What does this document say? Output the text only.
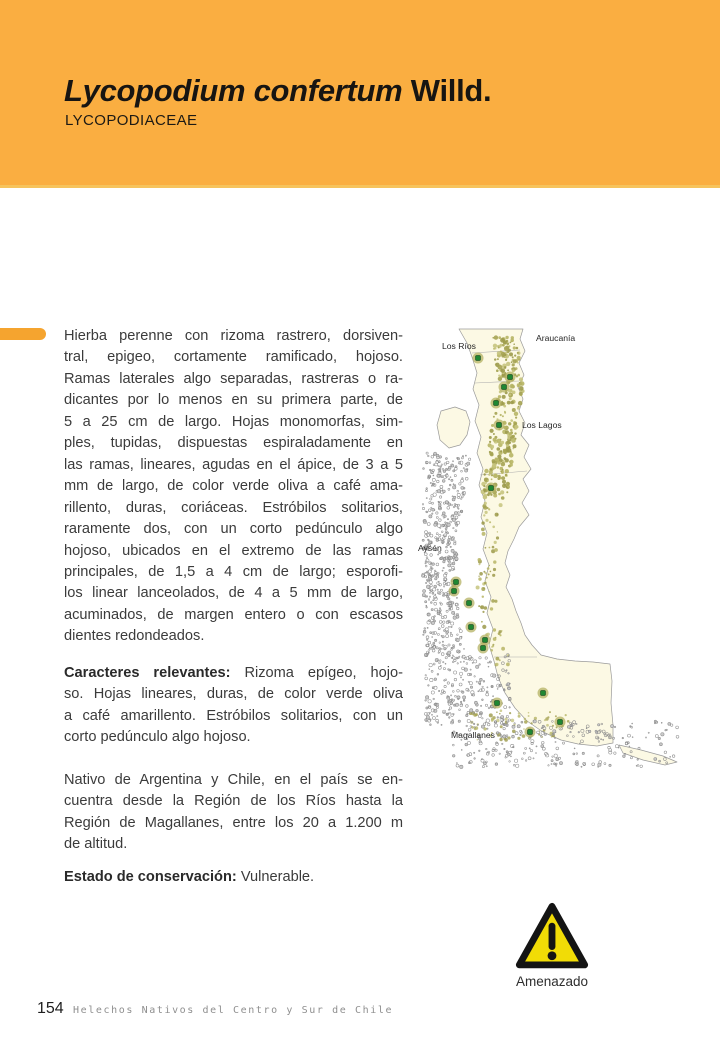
Lycopodium confertum Willd.
LYCOPODIACEAE
Hierba perenne con rizoma rastrero, dorsiven-
tral, epigeo, cortamente ramificado, hojoso.
Ramas laterales algo separadas, rastreras o ra-
dicantes por lo menos en su primera parte, de
5 a 25 cm de largo. Hojas monomorfas, sim-
ples, tupidas, dispuestas espiraladamente en
las ramas, lineares, agudas en el ápice, de 3 a 5
mm de largo, de color verde oliva a café ama-
rillento, duras, coriáceas. Estróbilos solitarios,
raramente dos, con un corto pedúnculo algo
hojoso, ubicados en el extremo de las ramas
principales, de 1,5 a 4 cm de largo; esporofi-
los linear lanceolados, de 4 a 5 mm de largo,
acuminados, de margen entero o con escasos
dientes redondeados.
Caracteres relevantes: Rizoma epígeo, hojo-
so. Hojas lineares, duras, de color verde oliva
a café amarillento. Estróbilos solitarios, con un
corto pedúnculo algo hojoso.
Nativo de Argentina y Chile, en el país se en-
cuentra desde la Región de los Ríos hasta la
Región de Magallanes, entre los 20 a 1.200 m
de altitud.
Estado de conservación: Vulnerable.
Los Ríos
Araucanía
Los Lagos
Aysén
Magallanes
Amenazado
154 Helechos Nativos del Centro y Sur de Chile
